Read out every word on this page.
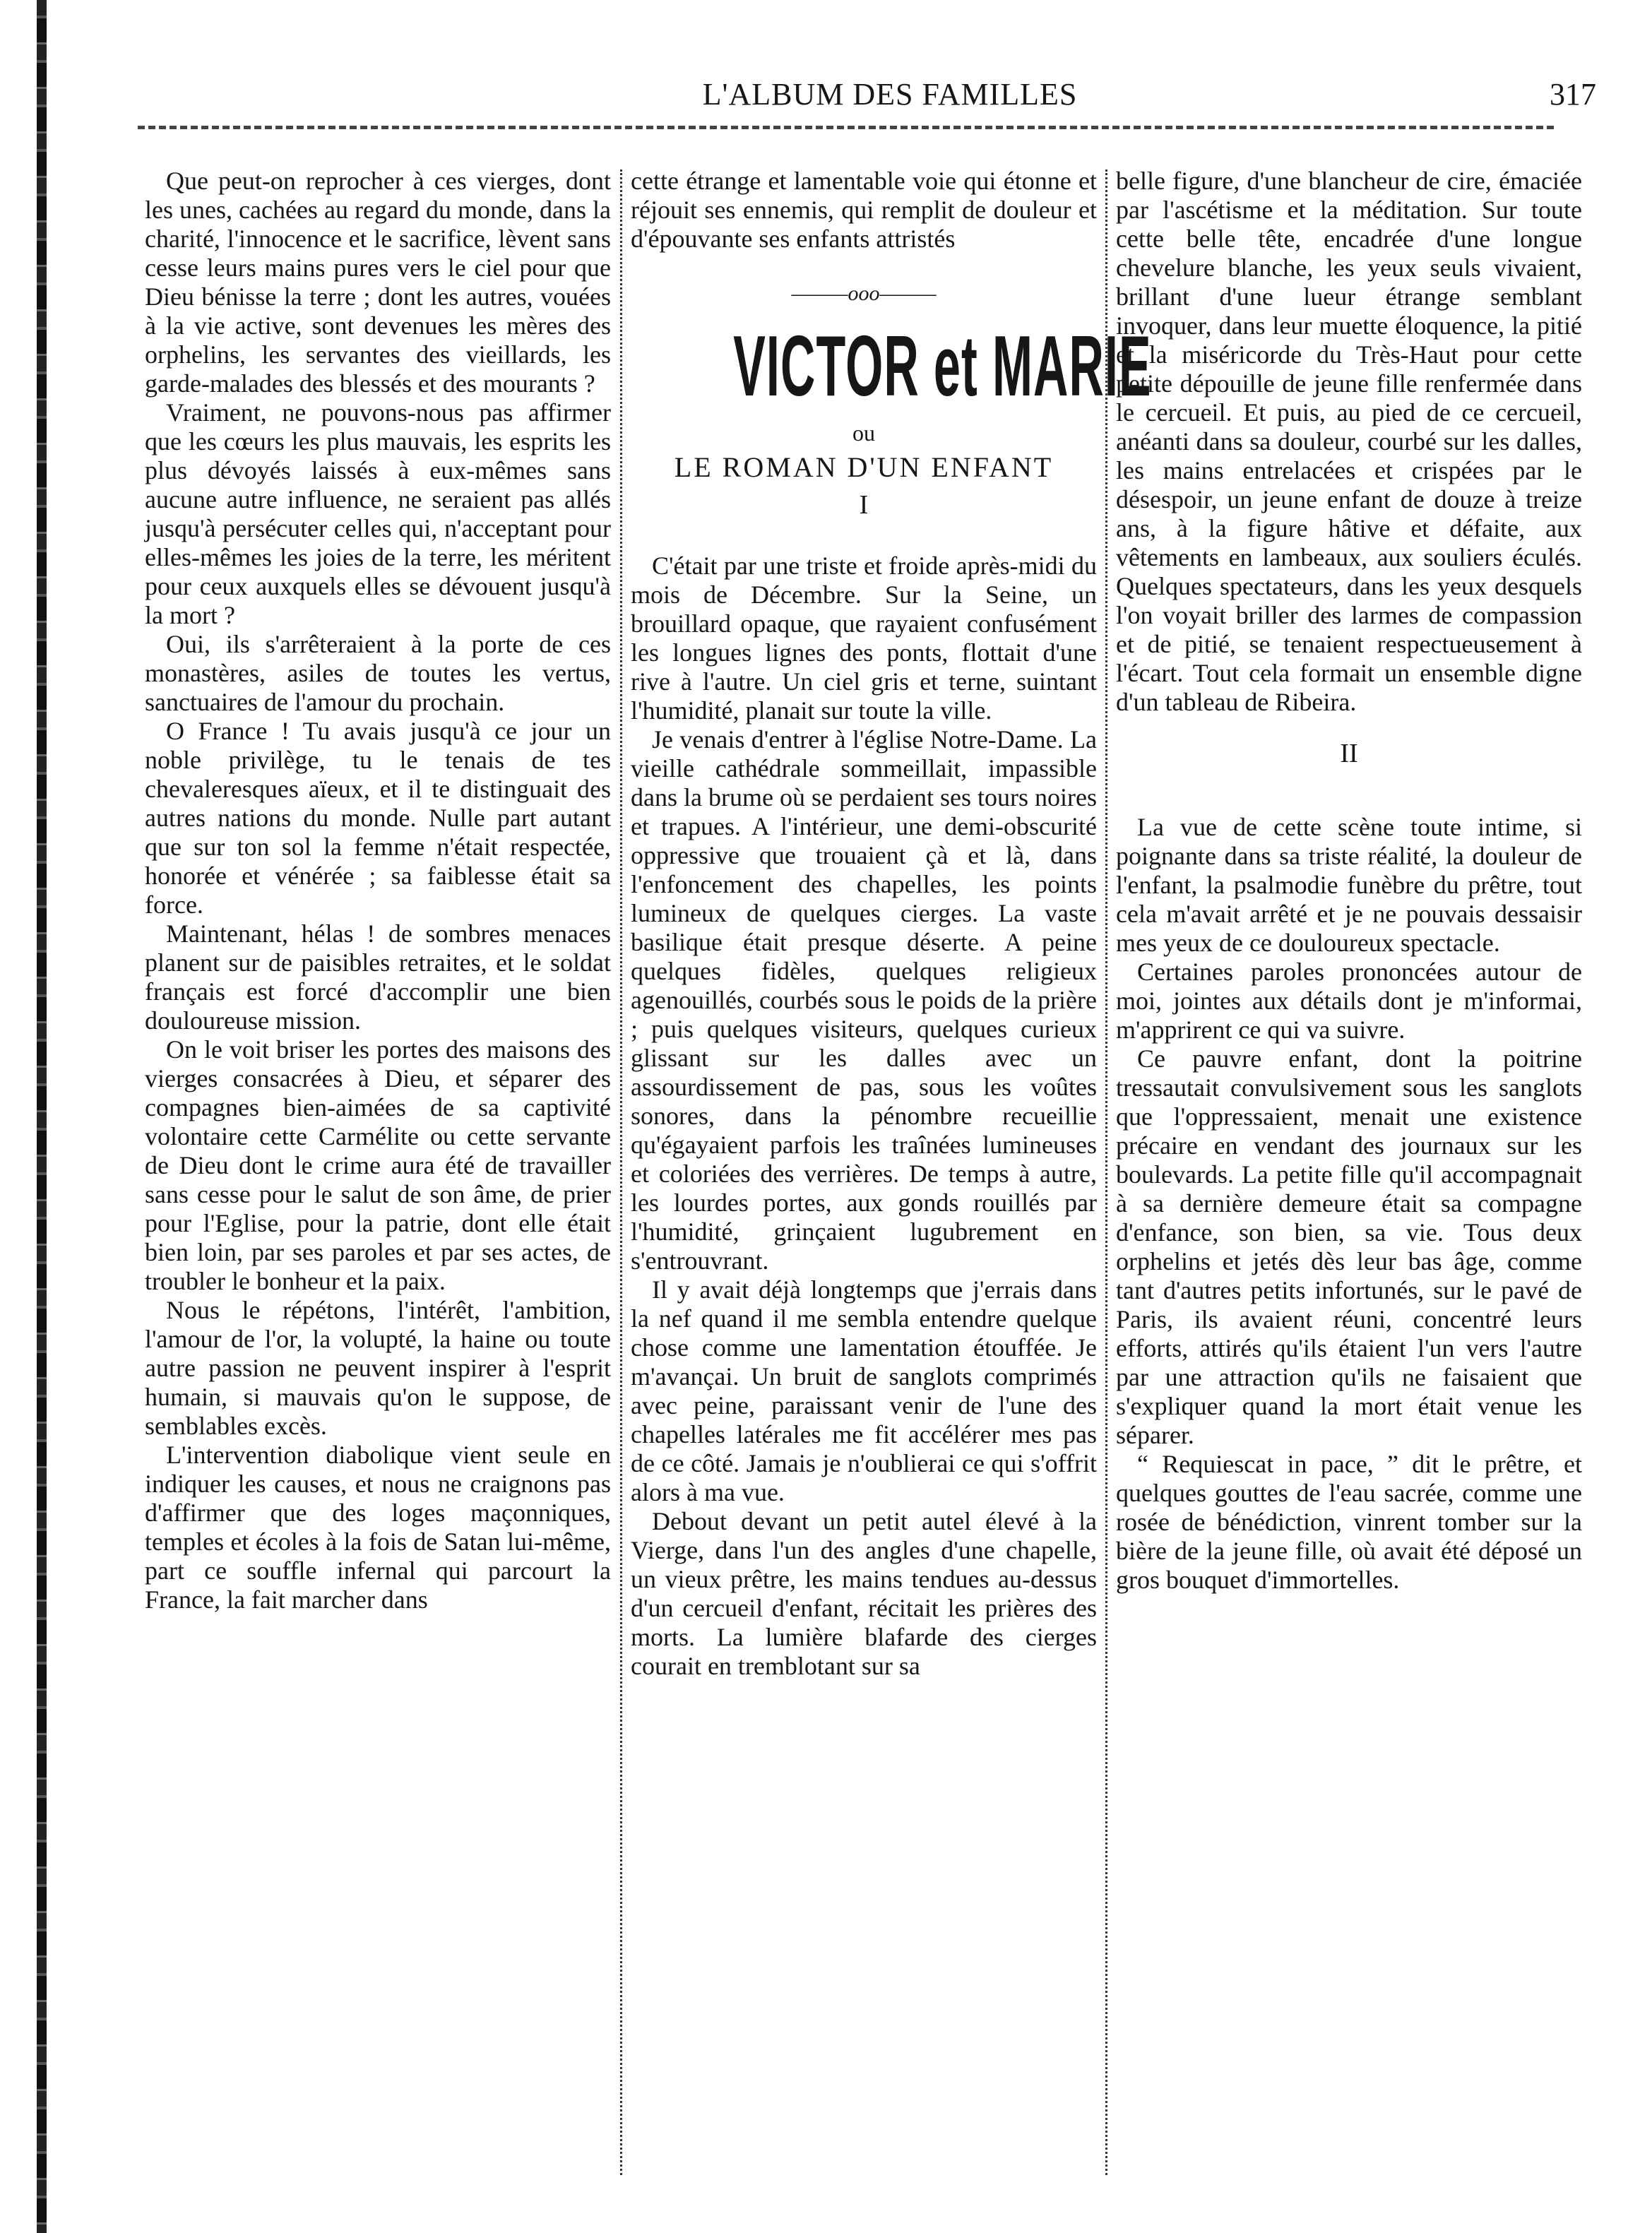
L'ALBUM DES FAMILLES	317

Que peut-on reprocher à ces vierges, dont les unes, cachées au regard du monde, dans la charité, l'innocence et le sacrifice, lèvent sans cesse leurs mains pures vers le ciel pour que Dieu bénisse la terre ; dont les autres, vouées à la vie active, sont devenues les mères des orphelins, les servantes des vieillards, les garde-malades des blessés et des mourants ?

Vraiment, ne pouvons-nous pas affirmer que les cœurs les plus mauvais, les esprits les plus dévoyés laissés à eux-mêmes sans aucune autre influence, ne seraient pas allés jusqu'à persécuter celles qui, n'acceptant pour elles-mêmes les joies de la terre, les méritent pour ceux auxquels elles se dévouent jusqu'à la mort ?

Oui, ils s'arrêteraient à la porte de ces monastères, asiles de toutes les vertus, sanctuaires de l'amour du prochain.

O France ! Tu avais jusqu'à ce jour un noble privilège, tu le tenais de tes chevaleresques aïeux, et il te distinguait des autres nations du monde. Nulle part autant que sur ton sol la femme n'était respectée, honorée et vénérée ; sa faiblesse était sa force.

Maintenant, hélas ! de sombres menaces planent sur de paisibles retraites, et le soldat français est forcé d'accomplir une bien douloureuse mission.

On le voit briser les portes des maisons des vierges consacrées à Dieu, et séparer des compagnes bien-aimées de sa captivité volontaire cette Carmélite ou cette servante de Dieu dont le crime aura été de travailler sans cesse pour le salut de son âme, de prier pour l'Eglise, pour la patrie, dont elle était bien loin, par ses paroles et par ses actes, de troubler le bonheur et la paix.

Nous le répétons, l'intérêt, l'ambition, l'amour de l'or, la volupté, la haine ou toute autre passion ne peuvent inspirer à l'esprit humain, si mauvais qu'on le suppose, de semblables excès.

L'intervention diabolique vient seule en indiquer les causes, et nous ne craignons pas d'affirmer que des loges maçonniques, temples et écoles à la fois de Satan lui-même, part ce souffle infernal qui parcourt la France, la fait marcher dans

cette étrange et lamentable voie qui étonne et réjouit ses ennemis, qui remplit de douleur et d'épouvante ses enfants attristés

———ooo———
VICTOR et MARIE
ou
LE ROMAN D'UN ENFANT
I

C'était par une triste et froide après-midi du mois de Décembre. Sur la Seine, un brouillard opaque, que rayaient confusément les longues lignes des ponts, flottait d'une rive à l'autre. Un ciel gris et terne, suintant l'humidité, planait sur toute la ville.

Je venais d'entrer à l'église Notre-Dame. La vieille cathédrale sommeillait, impassible dans la brume où se perdaient ses tours noires et trapues. A l'intérieur, une demi-obscurité oppressive que trouaient çà et là, dans l'enfoncement des chapelles, les points lumineux de quelques cierges. La vaste basilique était presque déserte. A peine quelques fidèles, quelques religieux agenouillés, courbés sous le poids de la prière ; puis quelques visiteurs, quelques curieux glissant sur les dalles avec un assourdissement de pas, sous les voûtes sonores, dans la pénombre recueillie qu'égayaient parfois les traînées lumineuses et coloriées des verrières. De temps à autre, les lourdes portes, aux gonds rouillés par l'humidité, grinçaient lugubrement en s'entrouvrant.

Il y avait déjà longtemps que j'errais dans la nef quand il me sembla entendre quelque chose comme une lamentation étouffée. Je m'avançai. Un bruit de sanglots comprimés avec peine, paraissant venir de l'une des chapelles latérales me fit accélérer mes pas de ce côté. Jamais je n'oublierai ce qui s'offrit alors à ma vue.

Debout devant un petit autel élevé à la Vierge, dans l'un des angles d'une chapelle, un vieux prêtre, les mains tendues au-dessus d'un cercueil d'enfant, récitait les prières des morts. La lumière blafarde des cierges courait en tremblotant sur sa

belle figure, d'une blancheur de cire, émaciée par l'ascétisme et la méditation. Sur toute cette belle tête, encadrée d'une longue chevelure blanche, les yeux seuls vivaient, brillant d'une lueur étrange semblant invoquer, dans leur muette éloquence, la pitié et la miséricorde du Très-Haut pour cette petite dépouille de jeune fille renfermée dans le cercueil. Et puis, au pied de ce cercueil, anéanti dans sa douleur, courbé sur les dalles, les mains entrelacées et crispées par le désespoir, un jeune enfant de douze à treize ans, à la figure hâtive et défaite, aux vêtements en lambeaux, aux souliers éculés. Quelques spectateurs, dans les yeux desquels l'on voyait briller des larmes de compassion et de pitié, se tenaient respectueusement à l'écart. Tout cela formait un ensemble digne d'un tableau de Ribeira.

II

La vue de cette scène toute intime, si poignante dans sa triste réalité, la douleur de l'enfant, la psalmodie funèbre du prêtre, tout cela m'avait arrêté et je ne pouvais dessaisir mes yeux de ce douloureux spectacle.

Certaines paroles prononcées autour de moi, jointes aux détails dont je m'informai, m'apprirent ce qui va suivre.

Ce pauvre enfant, dont la poitrine tressautait convulsivement sous les sanglots que l'oppressaient, menait une existence précaire en vendant des journaux sur les boulevards. La petite fille qu'il accompagnait à sa dernière demeure était sa compagne d'enfance, son bien, sa vie. Tous deux orphelins et jetés dès leur bas âge, comme tant d'autres petits infortunés, sur le pavé de Paris, ils avaient réuni, concentré leurs efforts, attirés qu'ils étaient l'un vers l'autre par une attraction qu'ils ne faisaient que s'expliquer quand la mort était venue les séparer.

“ Requiescat in pace, ” dit le prêtre, et quelques gouttes de l'eau sacrée, comme une rosée de bénédiction, vinrent tomber sur la bière de la jeune fille, où avait été déposé un gros bouquet d'immortelles.
